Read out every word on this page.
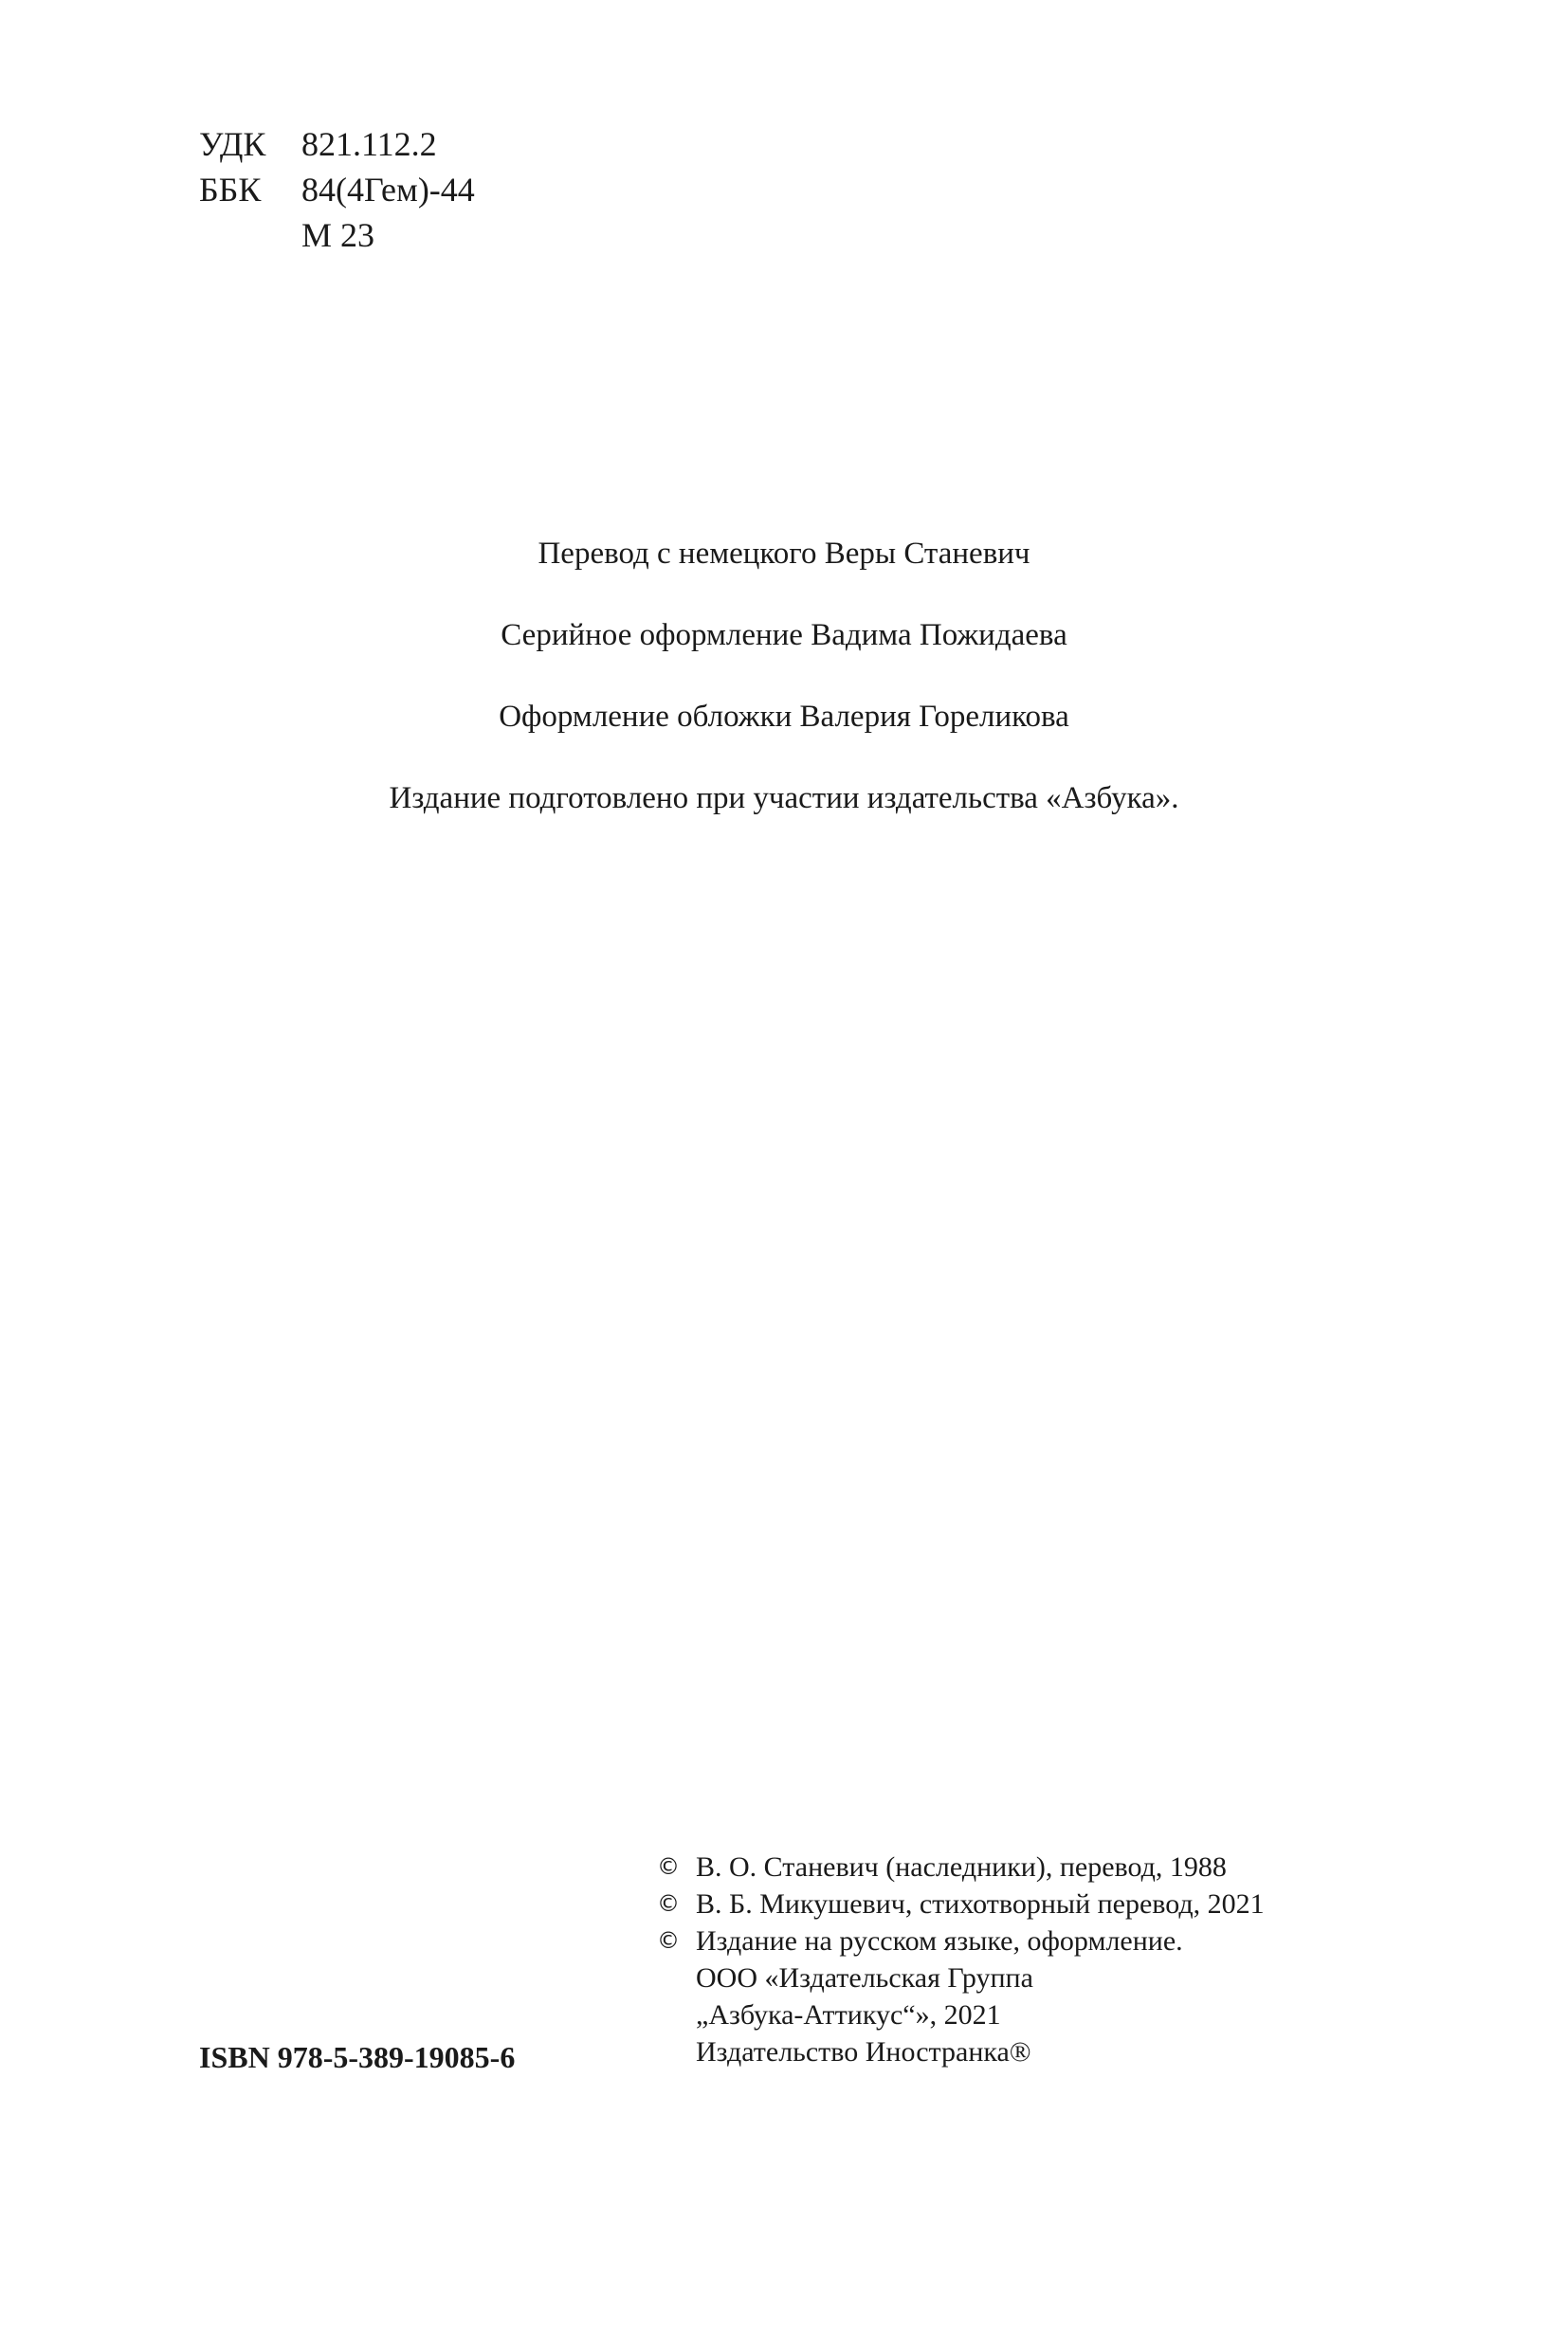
УДК	821.112.2
ББК	84(4Гем)-44
М 23
Перевод с немецкого Веры Станевич
Серийное оформление Вадима Пожидаева
Оформление обложки Валерия Гореликова
Издание подготовлено при участии издательства «Азбука».
© В. О. Станевич (наследники), перевод, 1988
© В. Б. Микушевич, стихотворный перевод, 2021
© Издание на русском языке, оформление.
ООО «Издательская Группа
„Азбука-Аттикус“», 2021
Издательство Иностранка®
ISBN 978-5-389-19085-6
